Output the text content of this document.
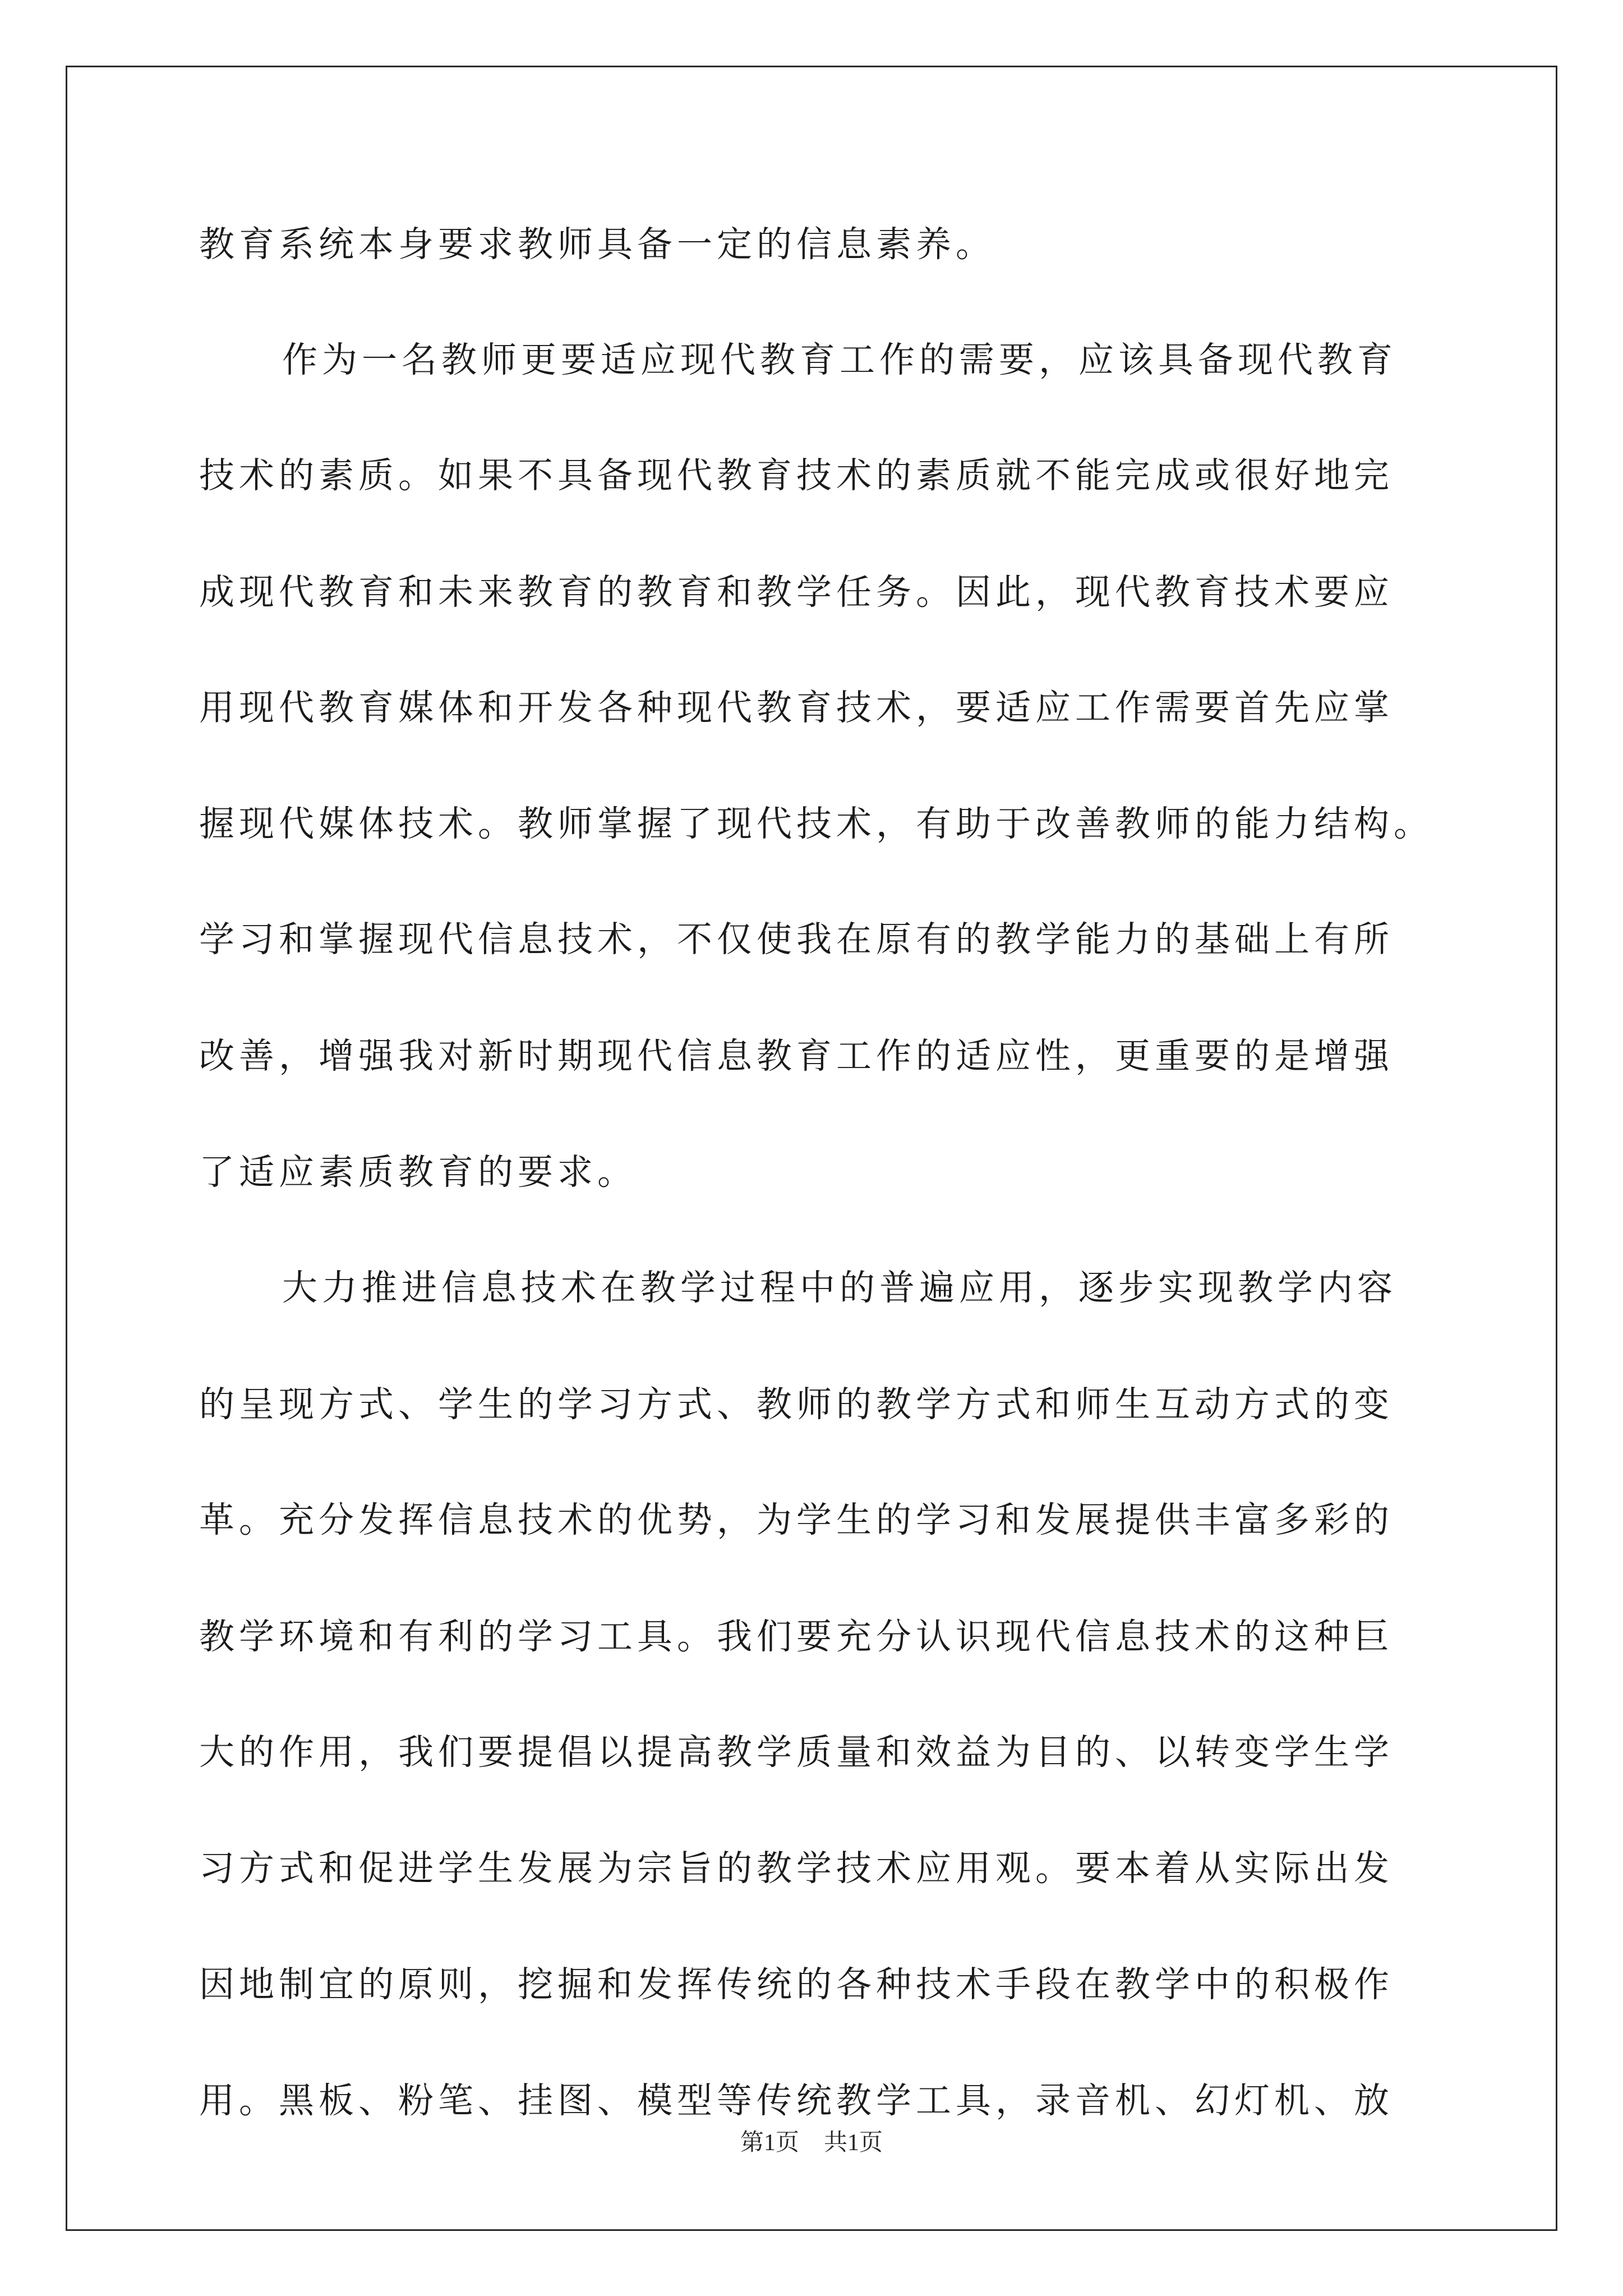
教育系统本身要求教师具备一定的信息素养。
作为一名教师更要适应现代教育工作的需要，应该具备现代教育
技术的素质。如果不具备现代教育技术的素质就不能完成或很好地完
成现代教育和未来教育的教育和教学任务。因此，现代教育技术要应
用现代教育媒体和开发各种现代教育技术，要适应工作需要首先应掌
握现代媒体技术。教师掌握了现代技术，有助于改善教师的能力结构。
学习和掌握现代信息技术，不仅使我在原有的教学能力的基础上有所
改善，增强我对新时期现代信息教育工作的适应性，更重要的是增强
了适应素质教育的要求。
大力推进信息技术在教学过程中的普遍应用，逐步实现教学内容
的呈现方式、学生的学习方式、教师的教学方式和师生互动方式的变
革。充分发挥信息技术的优势，为学生的学习和发展提供丰富多彩的
教学环境和有利的学习工具。我们要充分认识现代信息技术的这种巨
大的作用，我们要提倡以提高教学质量和效益为目的、以转变学生学
习方式和促进学生发展为宗旨的教学技术应用观。要本着从实际出发
因地制宜的原则，挖掘和发挥传统的各种技术手段在教学中的积极作
用。黑板、粉笔、挂图、模型等传统教学工具，录音机、幻灯机、放
第1页 共1页
